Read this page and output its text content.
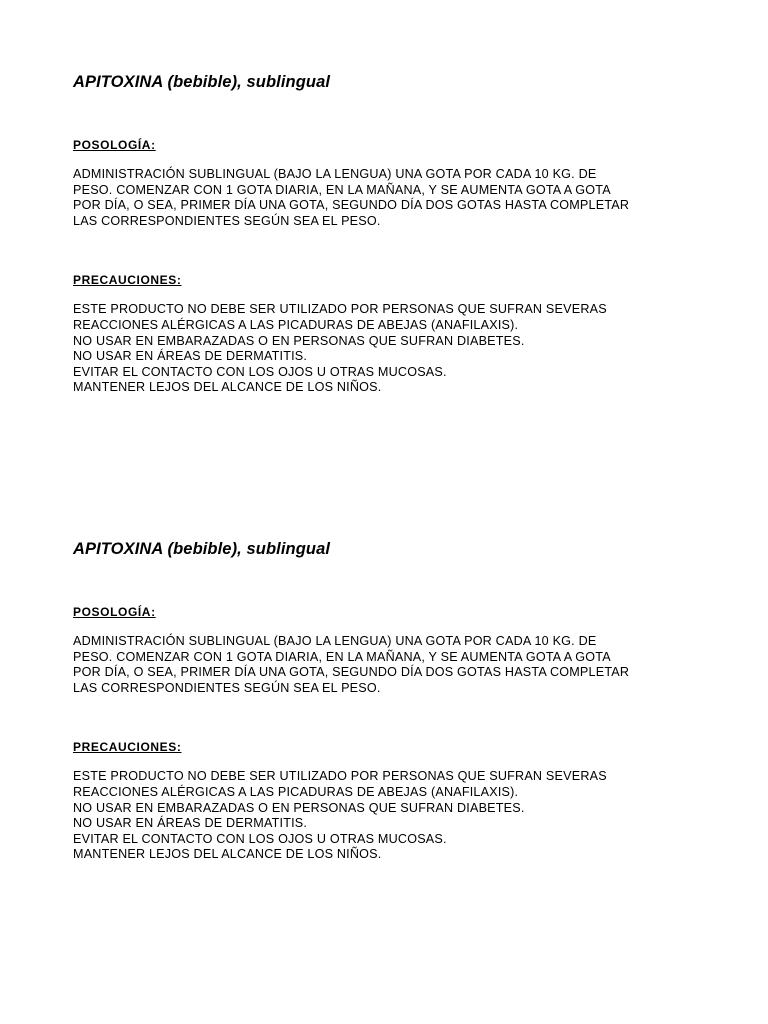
APITOXINA (bebible), sublingual
POSOLOGÍA:
ADMINISTRACIÓN SUBLINGUAL (BAJO LA LENGUA) UNA GOTA POR CADA 10 KG. DE
PESO. COMENZAR CON 1 GOTA DIARIA, EN LA MAÑANA, Y SE AUMENTA GOTA A GOTA
POR DÍA, O SEA, PRIMER DÍA UNA GOTA, SEGUNDO DÍA DOS GOTAS HASTA COMPLETAR
LAS CORRESPONDIENTES SEGÚN SEA EL PESO.
PRECAUCIONES:
ESTE PRODUCTO NO DEBE SER UTILIZADO POR PERSONAS QUE SUFRAN SEVERAS
REACCIONES ALÉRGICAS A LAS PICADURAS DE ABEJAS (ANAFILAXIS).
NO USAR EN EMBARAZADAS O EN PERSONAS QUE SUFRAN DIABETES.
NO USAR EN ÁREAS DE DERMATITIS.
EVITAR EL CONTACTO CON LOS OJOS U OTRAS MUCOSAS.
MANTENER LEJOS DEL ALCANCE DE LOS NIÑOS.
APITOXINA (bebible), sublingual
POSOLOGÍA:
ADMINISTRACIÓN SUBLINGUAL (BAJO LA LENGUA) UNA GOTA POR CADA 10 KG. DE
PESO. COMENZAR CON 1 GOTA DIARIA, EN LA MAÑANA, Y SE AUMENTA GOTA A GOTA
POR DÍA, O SEA, PRIMER DÍA UNA GOTA, SEGUNDO DÍA DOS GOTAS HASTA COMPLETAR
LAS CORRESPONDIENTES SEGÚN SEA EL PESO.
PRECAUCIONES:
ESTE PRODUCTO NO DEBE SER UTILIZADO POR PERSONAS QUE SUFRAN SEVERAS
REACCIONES ALÉRGICAS A LAS PICADURAS DE ABEJAS (ANAFILAXIS).
NO USAR EN EMBARAZADAS O EN PERSONAS QUE SUFRAN DIABETES.
NO USAR EN ÁREAS DE DERMATITIS.
EVITAR EL CONTACTO CON LOS OJOS U OTRAS MUCOSAS.
MANTENER LEJOS DEL ALCANCE DE LOS NIÑOS.
